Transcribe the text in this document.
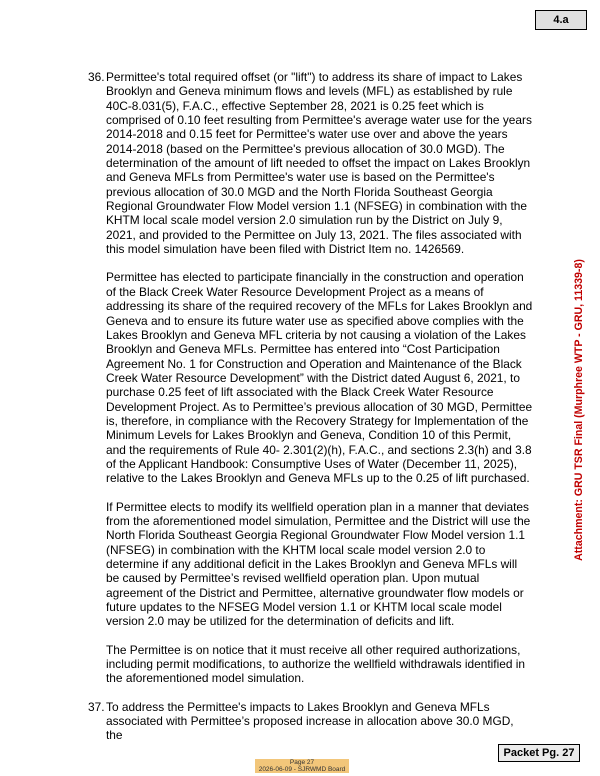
4.a
36. Permittee's total required offset (or "lift") to address its share of impact to Lakes Brooklyn and Geneva minimum flows and levels (MFL) as established by rule 40C-8.031(5), F.A.C., effective September 28, 2021 is 0.25 feet which is comprised of 0.10 feet resulting from Permittee's average water use for the years 2014-2018 and 0.15 feet for Permittee's water use over and above the years 2014-2018 (based on the Permittee's previous allocation of 30.0 MGD). The determination of the amount of lift needed to offset the impact on Lakes Brooklyn and Geneva MFLs from Permittee's water use is based on the Permittee's previous allocation of 30.0 MGD and the North Florida Southeast Georgia Regional Groundwater Flow Model version 1.1 (NFSEG) in combination with the KHTM local scale model version 2.0 simulation run by the District on July 9, 2021, and provided to the Permittee on July 13, 2021. The files associated with this model simulation have been filed with District Item no. 1426569.
Permittee has elected to participate financially in the construction and operation of the Black Creek Water Resource Development Project as a means of addressing its share of the required recovery of the MFLs for Lakes Brooklyn and Geneva and to ensure its future water use as specified above complies with the Lakes Brooklyn and Geneva MFL criteria by not causing a violation of the Lakes Brooklyn and Geneva MFLs. Permittee has entered into “Cost Participation Agreement No. 1 for Construction and Operation and Maintenance of the Black Creek Water Resource Development” with the District dated August 6, 2021, to purchase 0.25 feet of lift associated with the Black Creek Water Resource Development Project. As to Permittee’s previous allocation of 30 MGD, Permittee is, therefore, in compliance with the Recovery Strategy for Implementation of the Minimum Levels for Lakes Brooklyn and Geneva, Condition 10 of this Permit, and the requirements of Rule 40- 2.301(2)(h), F.A.C., and sections 2.3(h) and 3.8 of the Applicant Handbook: Consumptive Uses of Water (December 11, 2025), relative to the Lakes Brooklyn and Geneva MFLs up to the 0.25 of lift purchased.
If Permittee elects to modify its wellfield operation plan in a manner that deviates from the aforementioned model simulation, Permittee and the District will use the North Florida Southeast Georgia Regional Groundwater Flow Model version 1.1 (NFSEG) in combination with the KHTM local scale model version 2.0 to determine if any additional deficit in the Lakes Brooklyn and Geneva MFLs will be caused by Permittee’s revised wellfield operation plan. Upon mutual agreement of the District and Permittee, alternative groundwater flow models or future updates to the NFSEG Model version 1.1 or KHTM local scale model version 2.0 may be utilized for the determination of deficits and lift.
The Permittee is on notice that it must receive all other required authorizations, including permit modifications, to authorize the wellfield withdrawals identified in the aforementioned model simulation.
37. To address the Permittee's impacts to Lakes Brooklyn and Geneva MFLs associated with Permittee’s proposed increase in allocation above 30.0 MGD, the
Attachment: GRU TSR Final (Murphree WTP - GRU, 11339-8)
Packet Pg. 27
Page 27
2026-06-09 - SJRWMD Board
